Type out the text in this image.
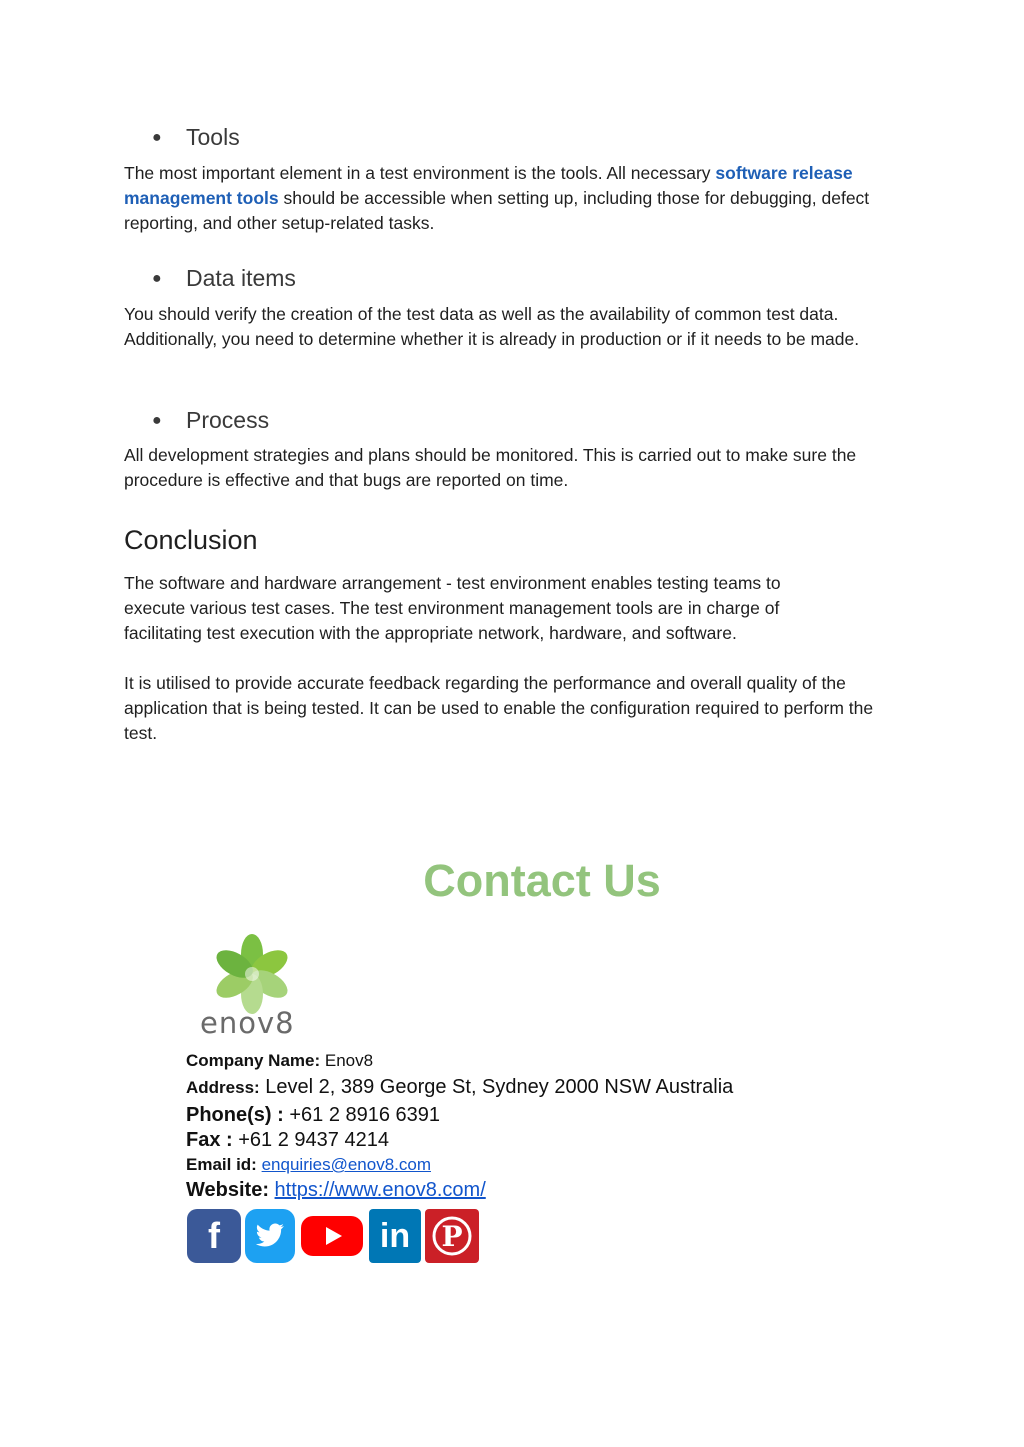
●	Tools
The most important element in a test environment is the tools. All necessary software release management tools should be accessible when setting up, including those for debugging, defect reporting, and other setup-related tasks.
●	Data items
You should verify the creation of the test data as well as the availability of common test data. Additionally, you need to determine whether it is already in production or if it needs to be made.
●	Process
All development strategies and plans should be monitored. This is carried out to make sure the procedure is effective and that bugs are reported on time.
Conclusion
The software and hardware arrangement - test environment enables testing teams to execute various test cases. The test environment management tools are in charge of facilitating test execution with the appropriate network, hardware, and software.
It is utilised to provide accurate feedback regarding the performance and overall quality of the application that is being tested. It can be used to enable the configuration required to perform the test.
Contact Us
enov8
Company Name: Enov8
Address: Level 2, 389 George St, Sydney 2000 NSW Australia
Phone(s) : +61 2 8916 6391
Fax : +61 2 9437 4214
Email id: enquiries@enov8.com
Website: https://www.enov8.com/
f	in P
